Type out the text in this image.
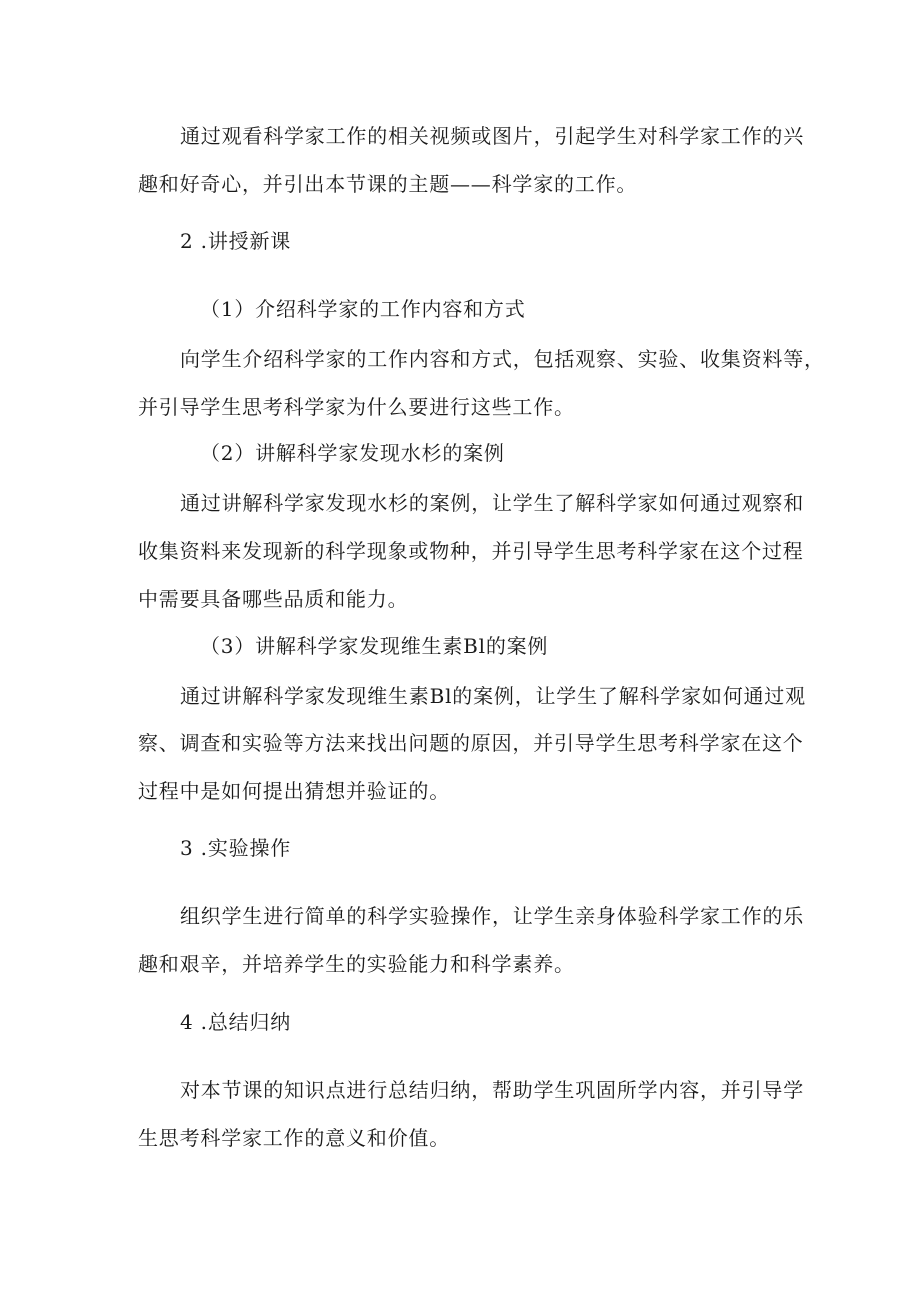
通过观看科学家工作的相关视频或图片，引起学生对科学家工作的兴
趣和好奇心，并引出本节课的主题——科学家的工作。
2 .讲授新课
（1）介绍科学家的工作内容和方式
向学生介绍科学家的工作内容和方式，包括观察、实验、收集资料等，
并引导学生思考科学家为什么要进行这些工作。
（2）讲解科学家发现水杉的案例
通过讲解科学家发现水杉的案例，让学生了解科学家如何通过观察和
收集资料来发现新的科学现象或物种，并引导学生思考科学家在这个过程
中需要具备哪些品质和能力。
（3）讲解科学家发现维生素Bl的案例
通过讲解科学家发现维生素Bl的案例，让学生了解科学家如何通过观
察、调查和实验等方法来找出问题的原因，并引导学生思考科学家在这个
过程中是如何提出猜想并验证的。
3 .实验操作
组织学生进行简单的科学实验操作，让学生亲身体验科学家工作的乐
趣和艰辛，并培养学生的实验能力和科学素养。
4 .总结归纳
对本节课的知识点进行总结归纳，帮助学生巩固所学内容，并引导学
生思考科学家工作的意义和价值。
